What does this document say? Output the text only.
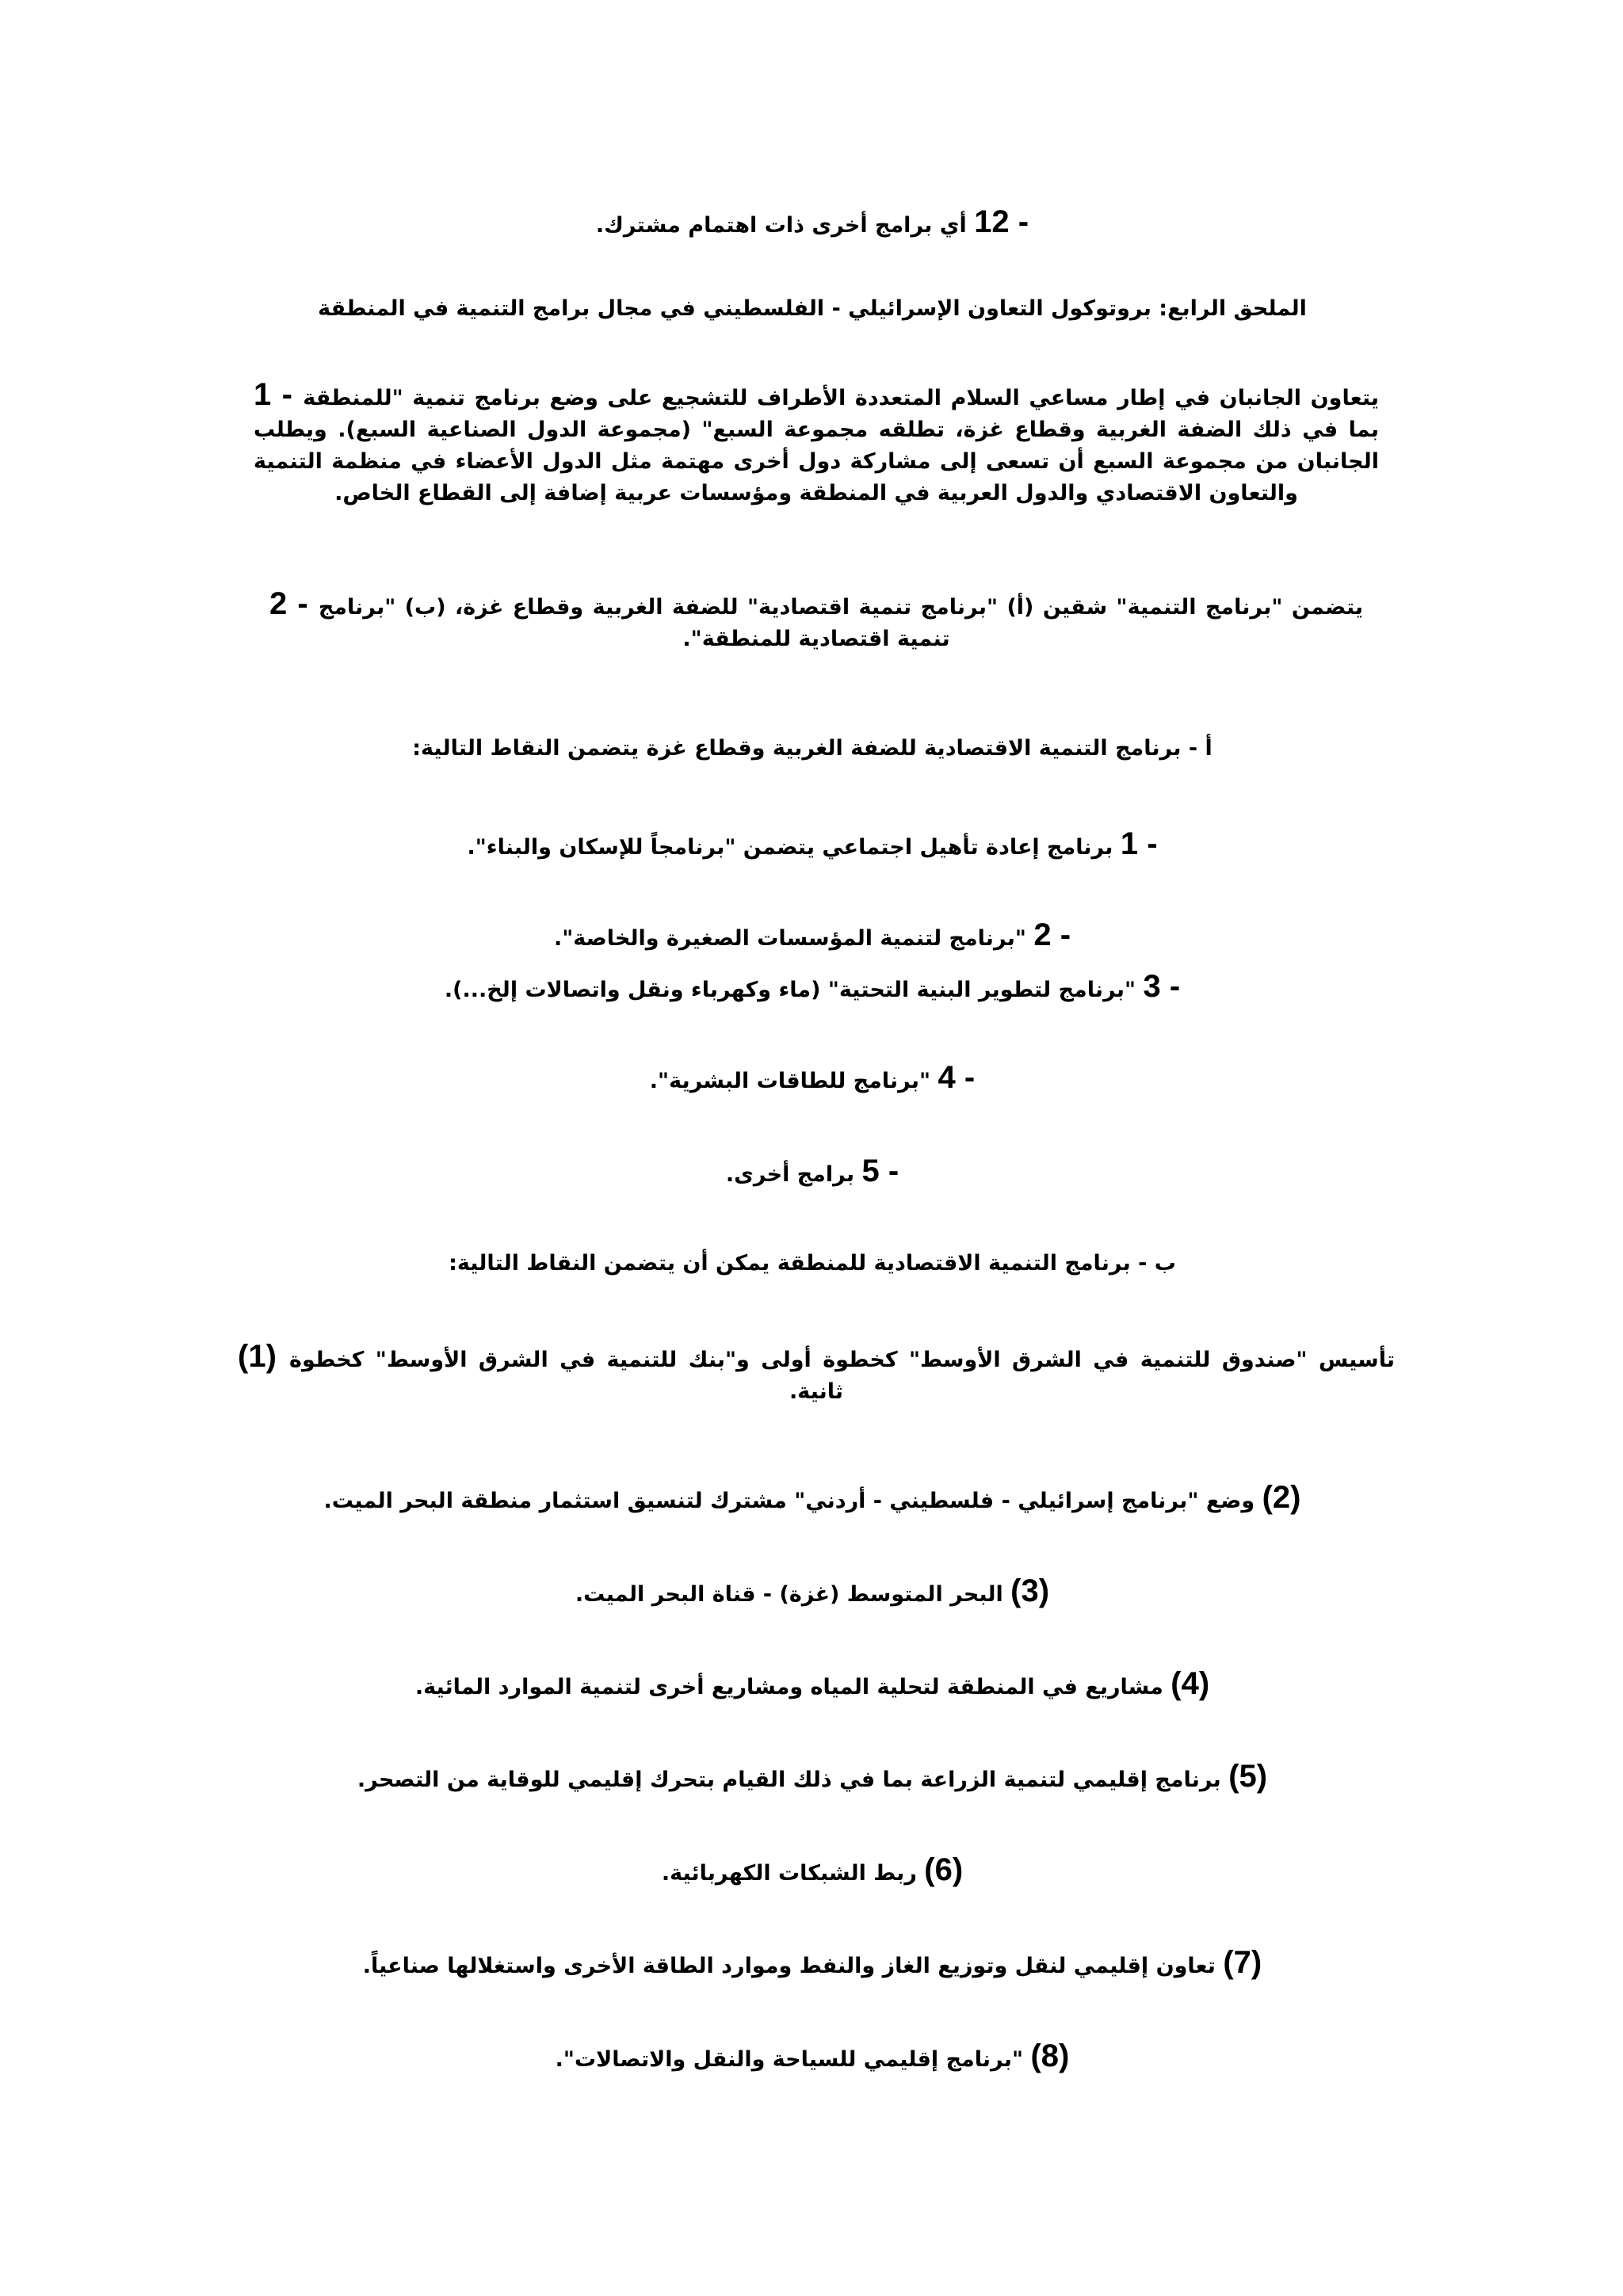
أي برامج أخرى ذات اهتمام مشترك. 12 -
الملحق الرابع: بروتوكول التعاون الإسرائيلي - الفلسطيني في مجال برامج التنمية في المنطقة
1 - يتعاون الجانبان في إطار مساعي السلام المتعددة الأطراف للتشجيع على وضع برنامج تنمية "للمنطقة بما في ذلك الضفة الغربية وقطاع غزة، تطلقه مجموعة السبع" (مجموعة الدول الصناعية السبع). ويطلب الجانبان من مجموعة السبع أن تسعى إلى مشاركة دول أخرى مهتمة مثل الدول الأعضاء في منظمة التنمية والتعاون الاقتصادي والدول العربية في المنطقة ومؤسسات عربية إضافة إلى القطاع الخاص.
2 - يتضمن "برنامج التنمية" شقين (أ) "برنامج تنمية اقتصادية" للضفة الغربية وقطاع غزة، (ب) "برنامج تنمية اقتصادية للمنطقة".
أ - برنامج التنمية الاقتصادية للضفة الغربية وقطاع غزة يتضمن النقاط التالية:
برنامج إعادة تأهيل اجتماعي يتضمن "برنامجاً للإسكان والبناء". 1 -
"برنامج لتنمية المؤسسات الصغيرة والخاصة". 2 -
"برنامج لتطوير البنية التحتية" (ماء وكهرباء ونقل واتصالات إلخ...). 3 -
"برنامج للطاقات البشرية". 4 -
برامج أخرى. 5 -
ب - برنامج التنمية الاقتصادية للمنطقة يمكن أن يتضمن النقاط التالية:
(1) تأسيس "صندوق للتنمية في الشرق الأوسط" كخطوة أولى و"بنك للتنمية في الشرق الأوسط" كخطوة ثانية.
وضع "برنامج إسرائيلي - فلسطيني - أردني" مشترك لتنسيق استثمار منطقة البحر الميت. (2)
البحر المتوسط (غزة) - قناة البحر الميت. (3)
مشاريع في المنطقة لتحلية المياه ومشاريع أخرى لتنمية الموارد المائية. (4)
برنامج إقليمي لتنمية الزراعة بما في ذلك القيام بتحرك إقليمي للوقاية من التصحر. (5)
ربط الشبكات الكهربائية. (6)
تعاون إقليمي لنقل وتوزيع الغاز والنفط وموارد الطاقة الأخرى واستغلالها صناعياً. (7)
"برنامج إقليمي للسياحة والنقل والاتصالات". (8)
